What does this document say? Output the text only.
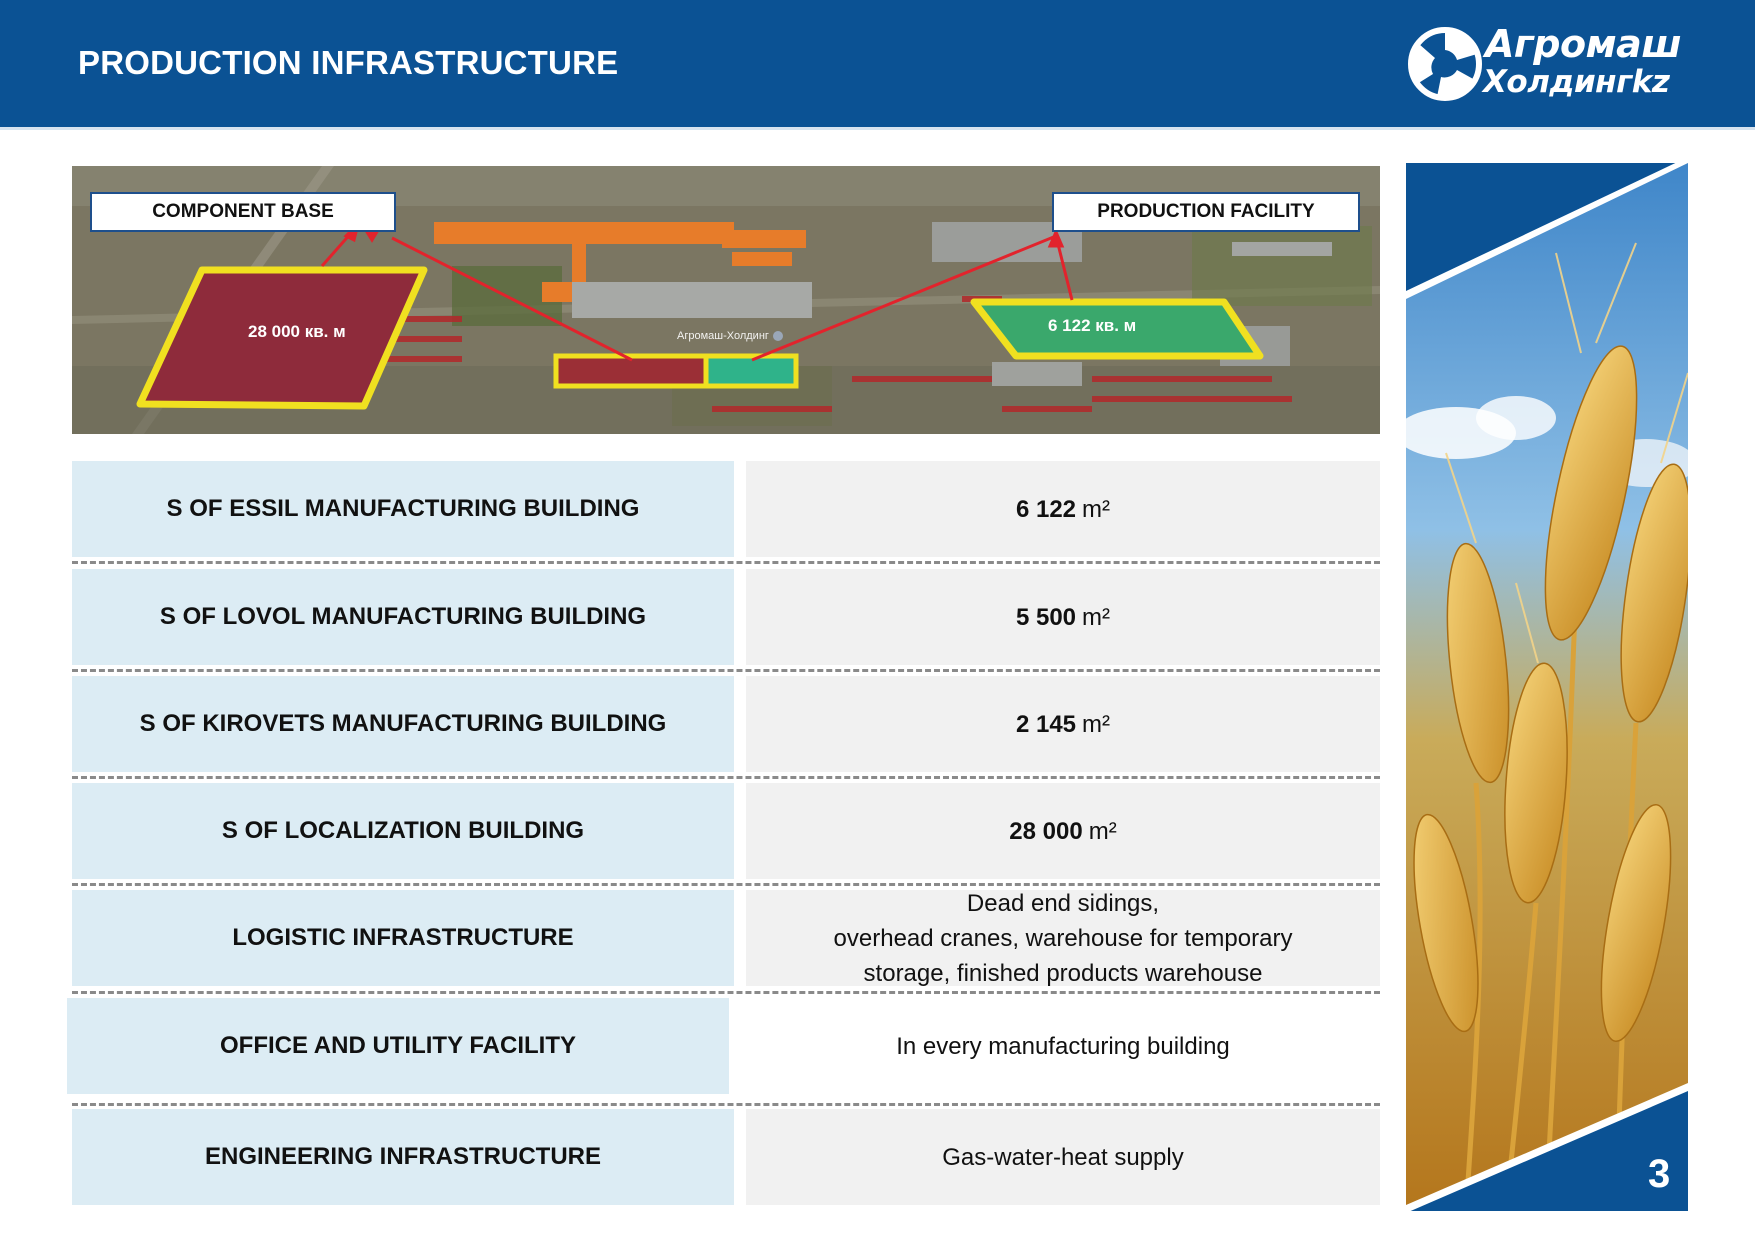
PRODUCTION INFRASTRUCTURE	Агромаш
Холдингkz
COMPONENT BASE	PRODUCTION FACILITY
28 000 кв. м	6 122 кв. м
Агромаш-Холдинг
S OF ESSIL MANUFACTURING BUILDING	6 122 m²
S OF LOVOL MANUFACTURING BUILDING	5 500 m²
S OF KIROVETS MANUFACTURING BUILDING	2 145 m²
S OF LOCALIZATION BUILDING	28 000 m²
LOGISTIC INFRASTRUCTURE
Dead end sidings,
overhead cranes, warehouse for temporary
storage, finished products warehouse
OFFICE AND UTILITY FACILITY	In every manufacturing building
ENGINEERING INFRASTRUCTURE	Gas-water-heat supply	3
